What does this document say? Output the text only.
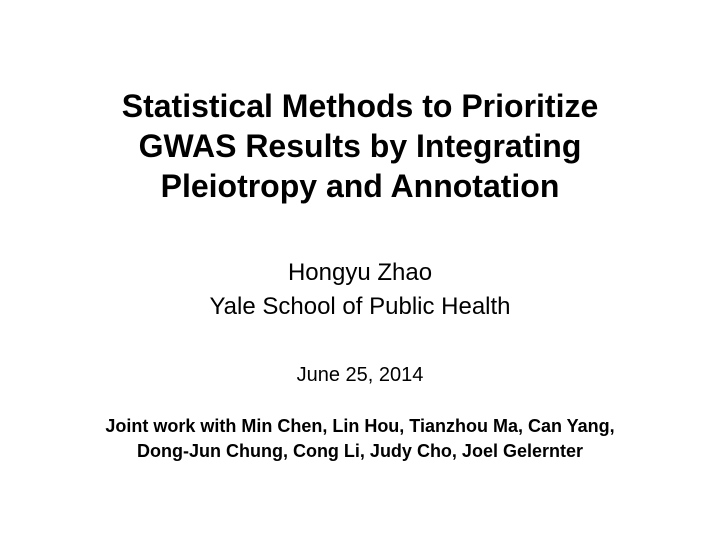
Statistical Methods to Prioritize
GWAS Results by Integrating
Pleiotropy and Annotation
Hongyu Zhao
Yale School of Public Health
June 25, 2014
Joint work with Min Chen, Lin Hou, Tianzhou Ma, Can Yang,
Dong-Jun Chung, Cong Li, Judy Cho, Joel Gelernter
